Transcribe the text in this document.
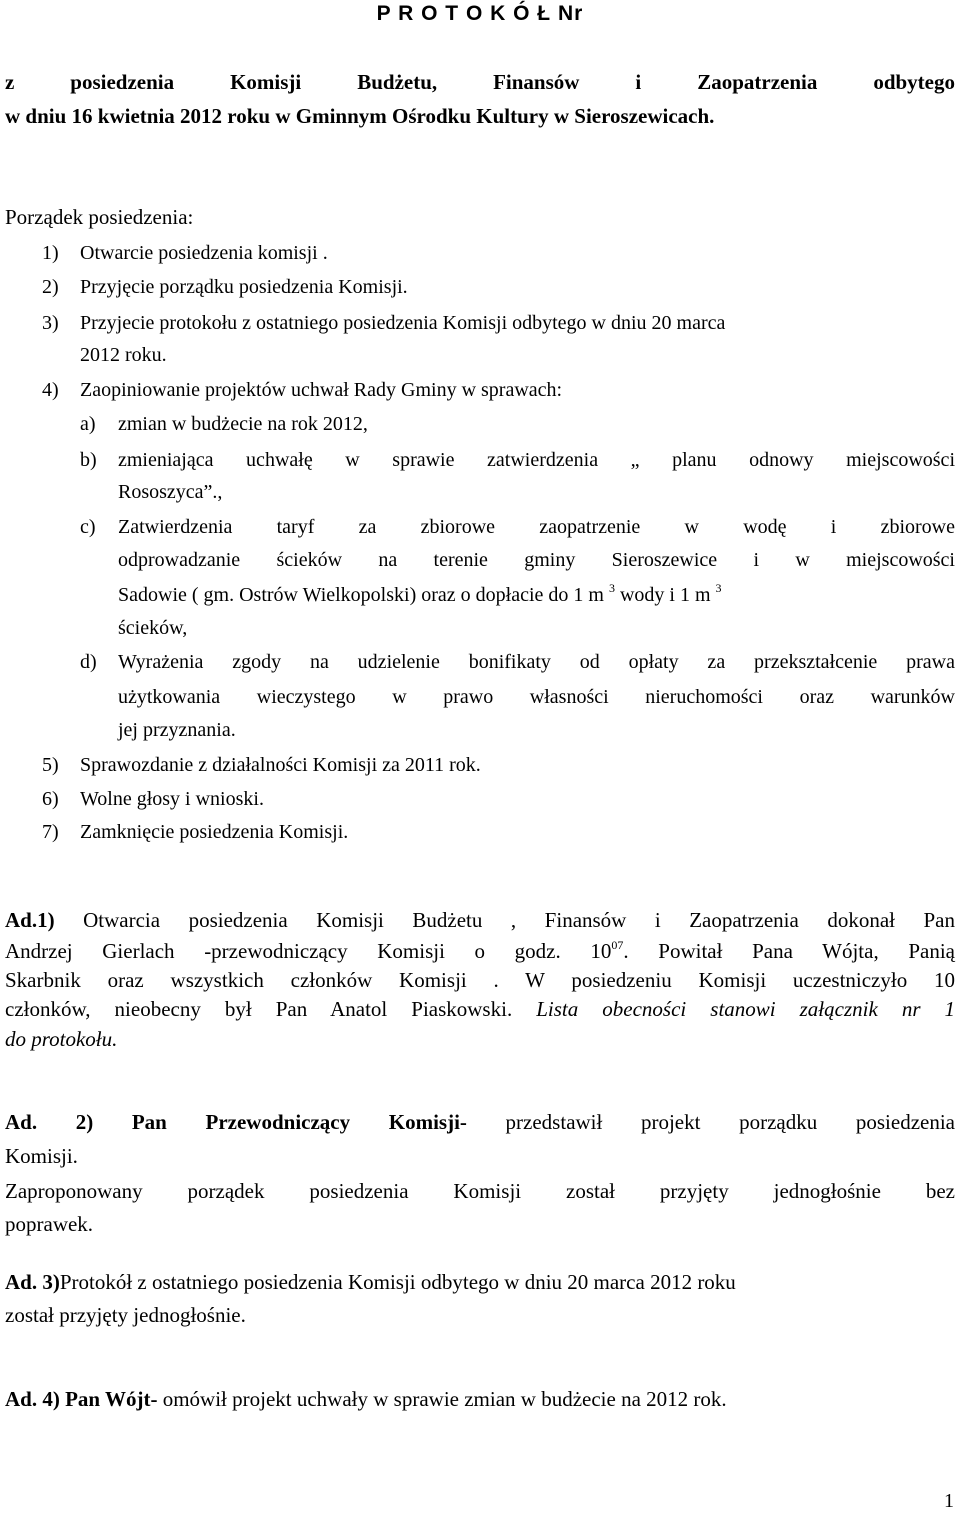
P R O T O K Ó Ł Nr
z posiedzenia Komisji Budżetu, Finansów i Zaopatrzenia odbytego
w dniu 16 kwietnia 2012 roku w Gminnym Ośrodku Kultury w Sieroszewicach.
Porządek posiedzenia:
1) Otwarcie posiedzenia komisji .
2) Przyjęcie porządku posiedzenia Komisji.
3) Przyjecie protokołu z ostatniego posiedzenia Komisji odbytego w dniu 20 marca
2012 roku.
4) Zaopiniowanie projektów uchwał Rady Gminy w sprawach:
a) zmian w budżecie na rok 2012,
b) zmieniająca uchwałę w sprawie zatwierdzenia „ planu odnowy miejscowości
Rososzyca”.,
c) Zatwierdzenia taryf za zbiorowe zaopatrzenie w wodę i zbiorowe
odprowadzanie ścieków na terenie gminy Sieroszewice i w miejscowości
Sadowie ( gm. Ostrów Wielkopolski) oraz o dopłacie do 1 m $^3$ wody i 1 m $^3$
ścieków,
d) Wyrażenia zgody na udzielenie bonifikaty od opłaty za przekształcenie prawa
użytkowania wieczystego w prawo własności nieruchomości oraz warunków
jej przyznania.
5) Sprawozdanie z działalności Komisji za 2011 rok.
6) Wolne głosy i wnioski.
7) Zamknięcie posiedzenia Komisji.
Ad.1) Otwarcia posiedzenia Komisji Budżetu , Finansów i Zaopatrzenia dokonał Pan
Andrzej Gierlach -przewodniczący Komisji o godz. $10^{07}$. Powitał Pana Wójta, Panią
Skarbnik oraz wszystkich członków Komisji . W posiedzeniu Komisji uczestniczyło 10
członków, nieobecny był Pan Anatol Piaskowski. Lista obecności stanowi załącznik nr 1
do protokołu.
Ad. 2) Pan Przewodniczący Komisji- przedstawił projekt porządku posiedzenia
Komisji.
Zaproponowany porządek posiedzenia Komisji został przyjęty jednogłośnie bez
poprawek.
Ad. 3)Protokół z ostatniego posiedzenia Komisji odbytego w dniu 20 marca 2012 roku
został przyjęty jednogłośnie.
Ad. 4) Pan Wójt- omówił projekt uchwały w sprawie zmian w budżecie na 2012 rok.
1
